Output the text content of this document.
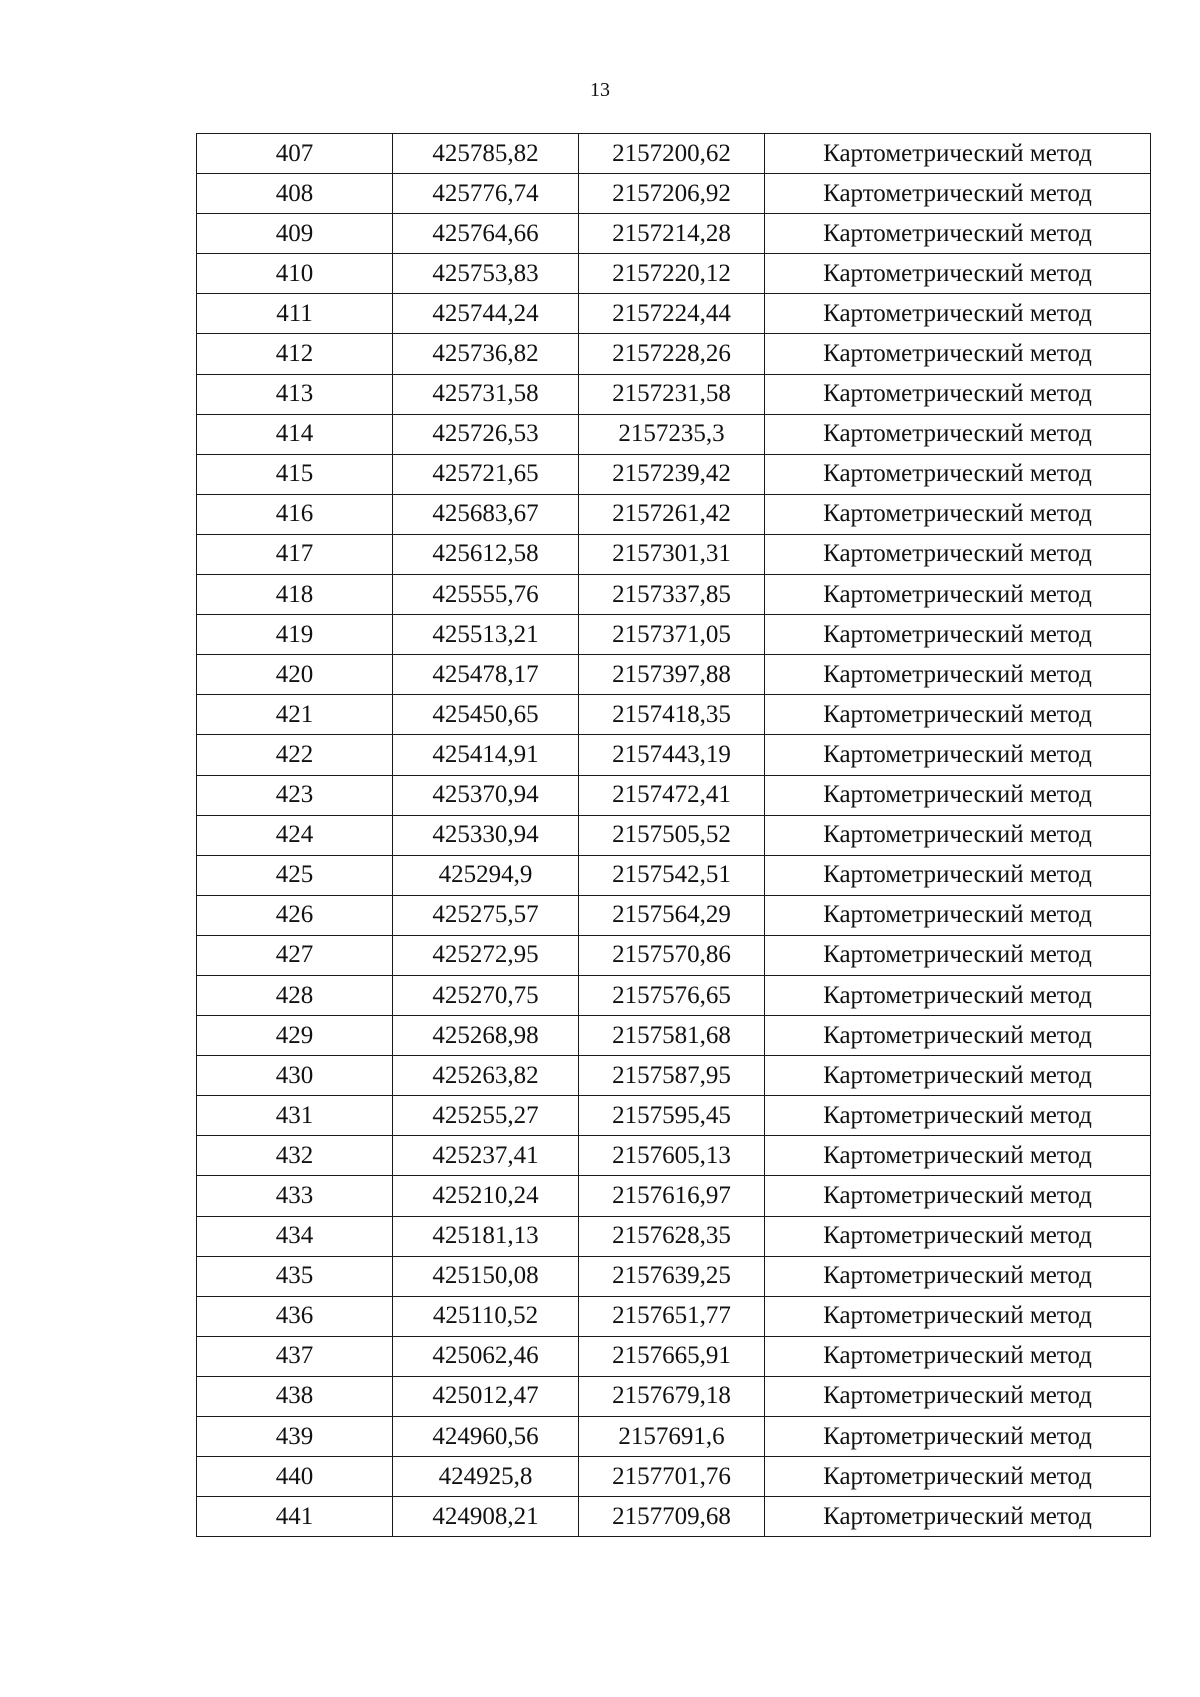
13
407	425785,82	2157200,62	Картометрический метод
408	425776,74	2157206,92	Картометрический метод
409	425764,66	2157214,28	Картометрический метод
410	425753,83	2157220,12	Картометрический метод
411	425744,24	2157224,44	Картометрический метод
412	425736,82	2157228,26	Картометрический метод
413	425731,58	2157231,58	Картометрический метод
414	425726,53	2157235,3	Картометрический метод
415	425721,65	2157239,42	Картометрический метод
416	425683,67	2157261,42	Картометрический метод
417	425612,58	2157301,31	Картометрический метод
418	425555,76	2157337,85	Картометрический метод
419	425513,21	2157371,05	Картометрический метод
420	425478,17	2157397,88	Картометрический метод
421	425450,65	2157418,35	Картометрический метод
422	425414,91	2157443,19	Картометрический метод
423	425370,94	2157472,41	Картометрический метод
424	425330,94	2157505,52	Картометрический метод
425	425294,9	2157542,51	Картометрический метод
426	425275,57	2157564,29	Картометрический метод
427	425272,95	2157570,86	Картометрический метод
428	425270,75	2157576,65	Картометрический метод
429	425268,98	2157581,68	Картометрический метод
430	425263,82	2157587,95	Картометрический метод
431	425255,27	2157595,45	Картометрический метод
432	425237,41	2157605,13	Картометрический метод
433	425210,24	2157616,97	Картометрический метод
434	425181,13	2157628,35	Картометрический метод
435	425150,08	2157639,25	Картометрический метод
436	425110,52	2157651,77	Картометрический метод
437	425062,46	2157665,91	Картометрический метод
438	425012,47	2157679,18	Картометрический метод
439	424960,56	2157691,6	Картометрический метод
440	424925,8	2157701,76	Картометрический метод
441	424908,21	2157709,68	Картометрический метод
